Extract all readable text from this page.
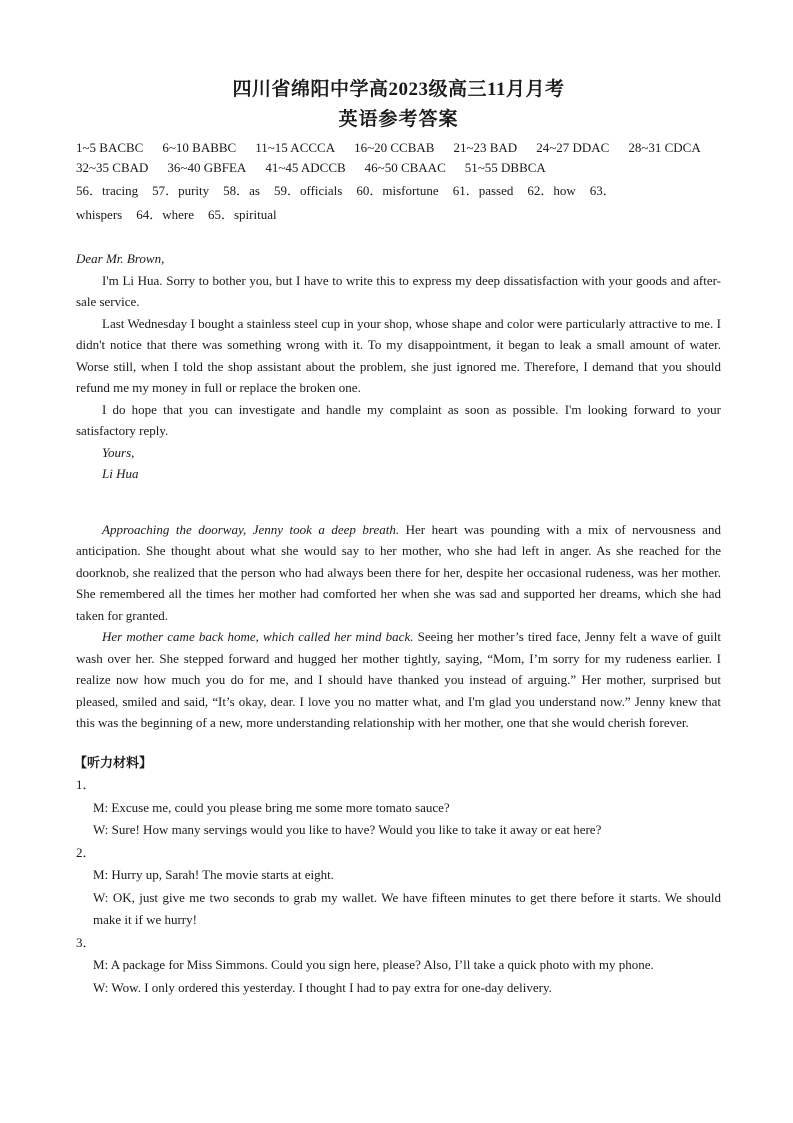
四川省绵阳中学高2023级高三11月月考
英语参考答案
1~5 BACBC 6~10 BABBC 11~15 ACCCA 16~20 CCBAB 21~23 BAD 24~27 DDAC 28~31 CDCA
32~35 CBAD 36~40 GBFEA 41~45 ADCCB 46~50 CBAAC 51~55 DBBCA
56．tracing 57．purity 58．as 59．officials 60．misfortune 61．passed 62．how 63．
whispers 64．where 65．spiritual

Dear Mr. Brown,

I'm Li Hua. Sorry to bother you, but I have to write this to express my deep dissatisfaction with your goods and after-sale service.

Last Wednesday I bought a stainless steel cup in your shop, whose shape and color were particularly attractive to me. I didn't notice that there was something wrong with it. To my disappointment, it began to leak a small amount of water. Worse still, when I told the shop assistant about the problem, she just ignored me. Therefore, I demand that you should refund me my money in full or replace the broken one.

I do hope that you can investigate and handle my complaint as soon as possible. I'm looking forward to your satisfactory reply.

Yours,

Li Hua

Approaching the doorway, Jenny took a deep breath. Her heart was pounding with a mix of nervousness and anticipation. She thought about what she would say to her mother, who she had left in anger. As she reached for the doorknob, she realized that the person who had always been there for her, despite her occasional rudeness, was her mother. She remembered all the times her mother had comforted her when she was sad and supported her dreams, which she had taken for granted.

Her mother came back home, which called her mind back. Seeing her mother’s tired face, Jenny felt a wave of guilt wash over her. She stepped forward and hugged her mother tightly, saying, “Mom, I’m sorry for my rudeness earlier. I realize now how much you do for me, and I should have thanked you instead of arguing.” Her mother, surprised but pleased, smiled and said, “It’s okay, dear. I love you no matter what, and I'm glad you understand now.” Jenny knew that this was the beginning of a new, more understanding relationship with her mother, one that she would cherish forever.

【听力材料】

1．

M: Excuse me, could you please bring me some more tomato sauce?

W: Sure! How many servings would you like to have? Would you like to take it away or eat here?

2．

M: Hurry up, Sarah! The movie starts at eight.

W: OK, just give me two seconds to grab my wallet. We have fifteen minutes to get there before it starts. We should make it if we hurry!

3．

M: A package for Miss Simmons. Could you sign here, please? Also, I’ll take a quick photo with my phone.

W: Wow. I only ordered this yesterday. I thought I had to pay extra for one-day delivery.
